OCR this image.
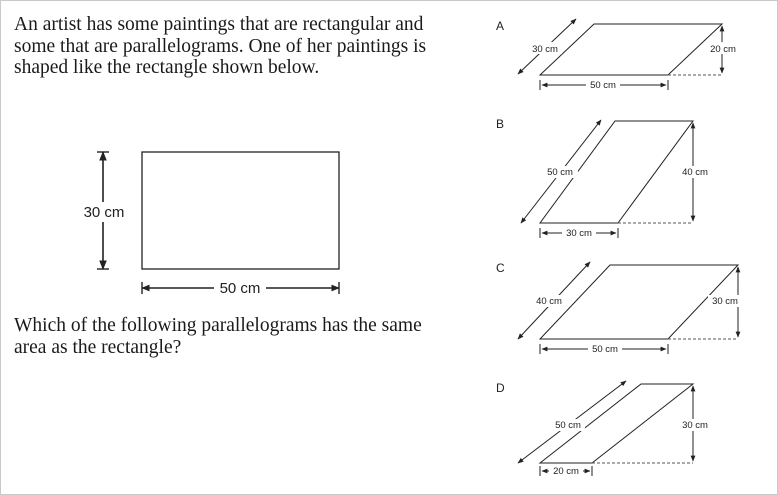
An artist has some paintings that are rectangular and some that are parallelograms. One of her paintings is shaped like the rectangle shown below.
Which of the following parallelograms has the same area as the rectangle?
30 cm
50 cm
A
30 cm	20 cm
50 cm
B
50 cm	40 cm
30 cm
C
40 cm	30 cm
50 cm
D
50 cm	30 cm
20 cm
